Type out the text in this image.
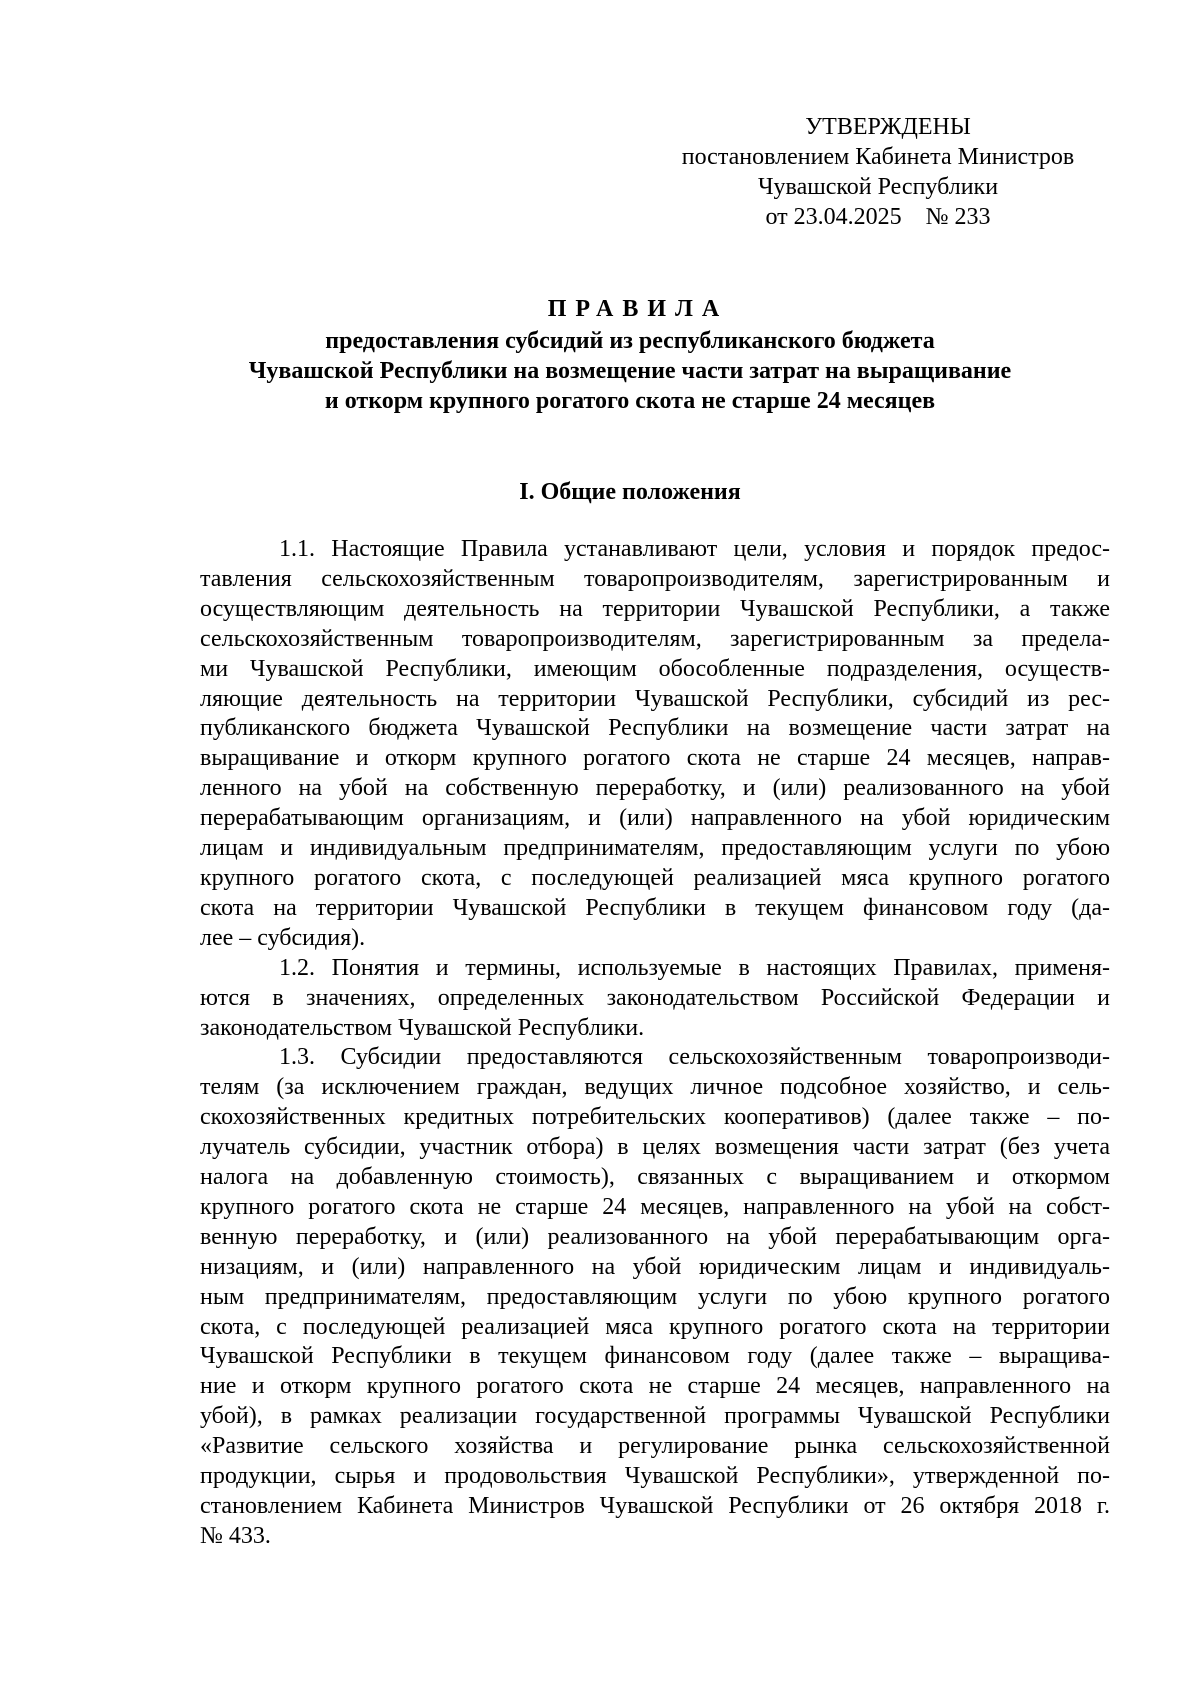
УТВЕРЖДЕНЫ
постановлением Кабинета Министров
Чувашской Республики
от 23.04.2025    № 233
ПРАВИЛА
предоставления субсидий из республиканского бюджета
Чувашской Республики на возмещение части затрат на выращивание
и откорм крупного рогатого скота не старше 24 месяцев
I. Общие положения
1.1. Настоящие Правила устанавливают цели, условия и порядок предос-
тавления сельскохозяйственным товаропроизводителям, зарегистрированным и
осуществляющим деятельность на территории Чувашской Республики, а также
сельскохозяйственным товаропроизводителям, зарегистрированным за предела-
ми Чувашской Республики, имеющим обособленные подразделения, осуществ-
ляющие деятельность на территории Чувашской Республики, субсидий из рес-
публиканского бюджета Чувашской Республики на возмещение части затрат на
выращивание и откорм крупного рогатого скота не старше 24 месяцев, направ-
ленного на убой на собственную переработку, и (или) реализованного на убой
перерабатывающим организациям, и (или) направленного на убой юридическим
лицам и индивидуальным предпринимателям, предоставляющим услуги по убою
крупного рогатого скота, с последующей реализацией мяса крупного рогатого
скота на территории Чувашской Республики в текущем финансовом году (да-
лее – субсидия).
1.2. Понятия и термины, используемые в настоящих Правилах, применя-
ются в значениях, определенных законодательством Российской Федерации и
законодательством Чувашской Республики.
1.3. Субсидии предоставляются сельскохозяйственным товаропроизводи-
телям (за исключением граждан, ведущих личное подсобное хозяйство, и сель-
скохозяйственных кредитных потребительских кооперативов) (далее также – по-
лучатель субсидии, участник отбора) в целях возмещения части затрат (без учета
налога на добавленную стоимость), связанных с выращиванием и откормом
крупного рогатого скота не старше 24 месяцев, направленного на убой на собст-
венную переработку, и (или) реализованного на убой перерабатывающим орга-
низациям, и (или) направленного на убой юридическим лицам и индивидуаль-
ным предпринимателям, предоставляющим услуги по убою крупного рогатого
скота, с последующей реализацией мяса крупного рогатого скота на территории
Чувашской Республики в текущем финансовом году (далее также – выращива-
ние и откорм крупного рогатого скота не старше 24 месяцев, направленного на
убой), в рамках реализации государственной программы Чувашской Республики
«Развитие сельского хозяйства и регулирование рынка сельскохозяйственной
продукции, сырья и продовольствия Чувашской Республики», утвержденной по-
становлением Кабинета Министров Чувашской Республики от 26 октября 2018 г.
№ 433.
